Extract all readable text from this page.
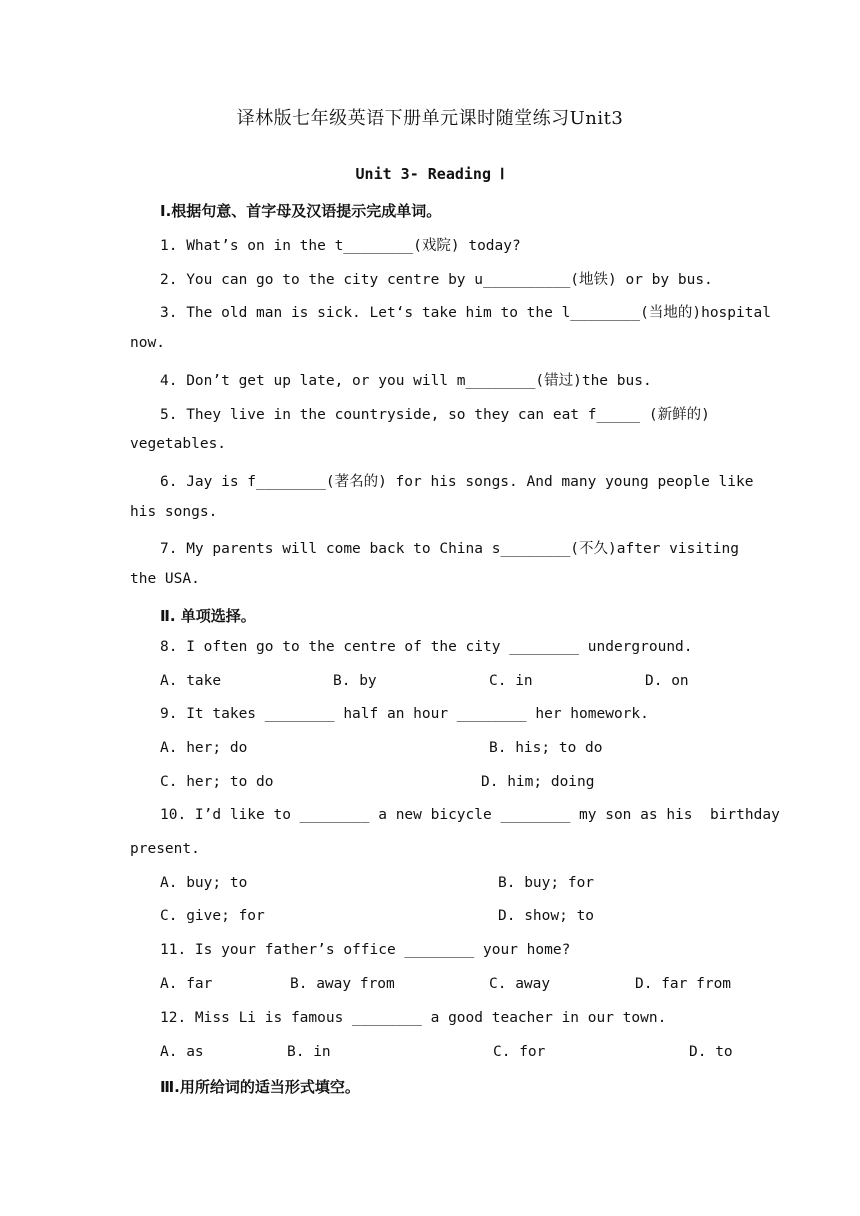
译林版七年级英语下册单元课时随堂练习Unit3
Unit 3- Reading Ⅰ
Ⅰ.根据句意、首字母及汉语提示完成单词。
1. What’s on in the t________(戏院) today?
2. You can go to the city centre by u__________(地铁) or by bus.
3. The old man is sick. Let‘s take him to the l________(当地的)hospital
now.
4. Don’t get up late, or you will m________(错过)the bus.
5. They live in the countryside, so they can eat f_____ (新鲜的)
vegetables.
6. Jay is f________(著名的) for his songs. And many young people like
his songs.
7. My parents will come back to China s________(不久)after visiting
the USA.
Ⅱ. 单项选择。
8. I often go to the centre of the city ________ underground.
A. take	B. by	C. in	D. on
9. It takes ________ half an hour ________ her homework.
A. her; do	B. his; to do
C. her; to do	D. him; doing
10. I’d like to ________ a new bicycle ________ my son as his  birthday
present.
A. buy; to	B. buy; for
C. give; for	D. show; to
11. Is your father’s office ________ your home?
A. far	B. away from	C. away	D. far from
12. Miss Li is famous ________ a good teacher in our town.
A. as	B. in	C. for	D. to
Ⅲ.用所给词的适当形式填空。
